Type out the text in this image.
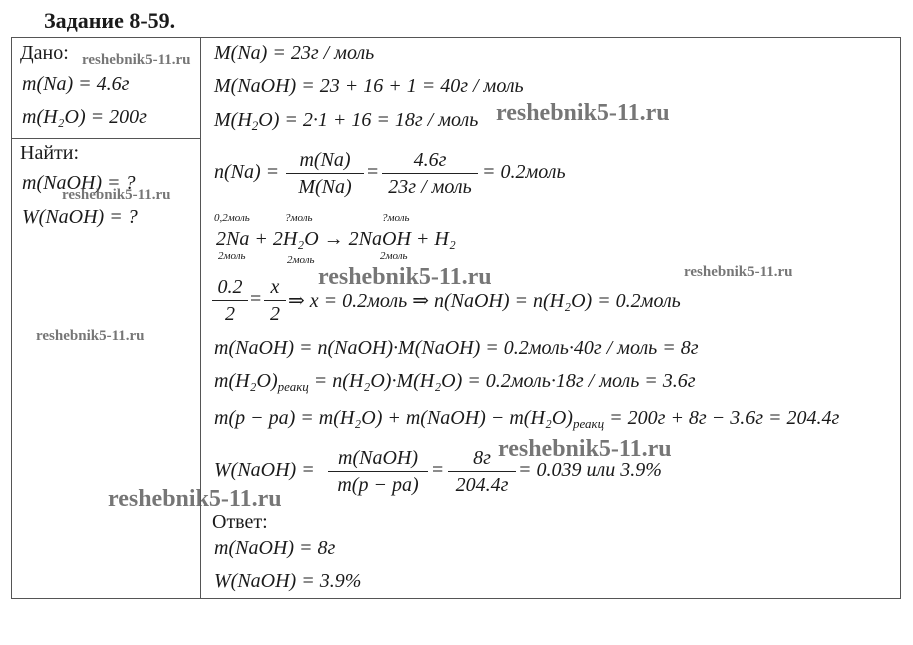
Задание 8-59.
Дано:
m(Na) = 4.6г
m(H₂O) = 200г
Найти:
m(NaOH) = ?
W(NaOH) = ?
M(Na) = 23г / моль
M(NaOH) = 23 + 16 + 1 = 40г / моль
$M(H_2O) = 2\cdot 1 + 16 = 18г$ / моль
$n(Na) = \frac{m(Na)}{M(Na)}$ =
4.6г
23г / моль
= 0.2моль
0,2моль	?моль	?моль
2Na + 2H₂O → 2NaOH + H₂
2моль	2моль	2моль
$\frac{0.2}{2} = \frac{x}{2}$ ⇒ x = 0.2моль ⇒ n(NaOH) = n(H₂O) = 0.2моль
m(NaOH) = n(NaOH)·M(NaOH) = 0.2моль·40г / моль = 8г
$m(H_2O)_{реакц} = n(H_2O)\cdot M(H_2O)$ = 0.2моль·18г / моль = 3.6г
m(p − pa) = m(H₂O) + m(NaOH) − $m(H_2O)_{реакц} = 200г + 8г - 3.6г = 204.4г$
W(NaOH) =
m(NaOH)
m(p − pa)
=
8г
204.4г
= 0.039 или 3.9%
Ответ:
m(NaOH) = 8г
W(NaOH) = 3.9%
reshebnik5-11.ru
reshebnik5-11.ru
reshebnik5-11.ru
reshebnik5-11.ru	reshebnik5-11.ru
reshebnik5-11.ru
reshebnik5-11.ru
reshebnik5-11.ru
